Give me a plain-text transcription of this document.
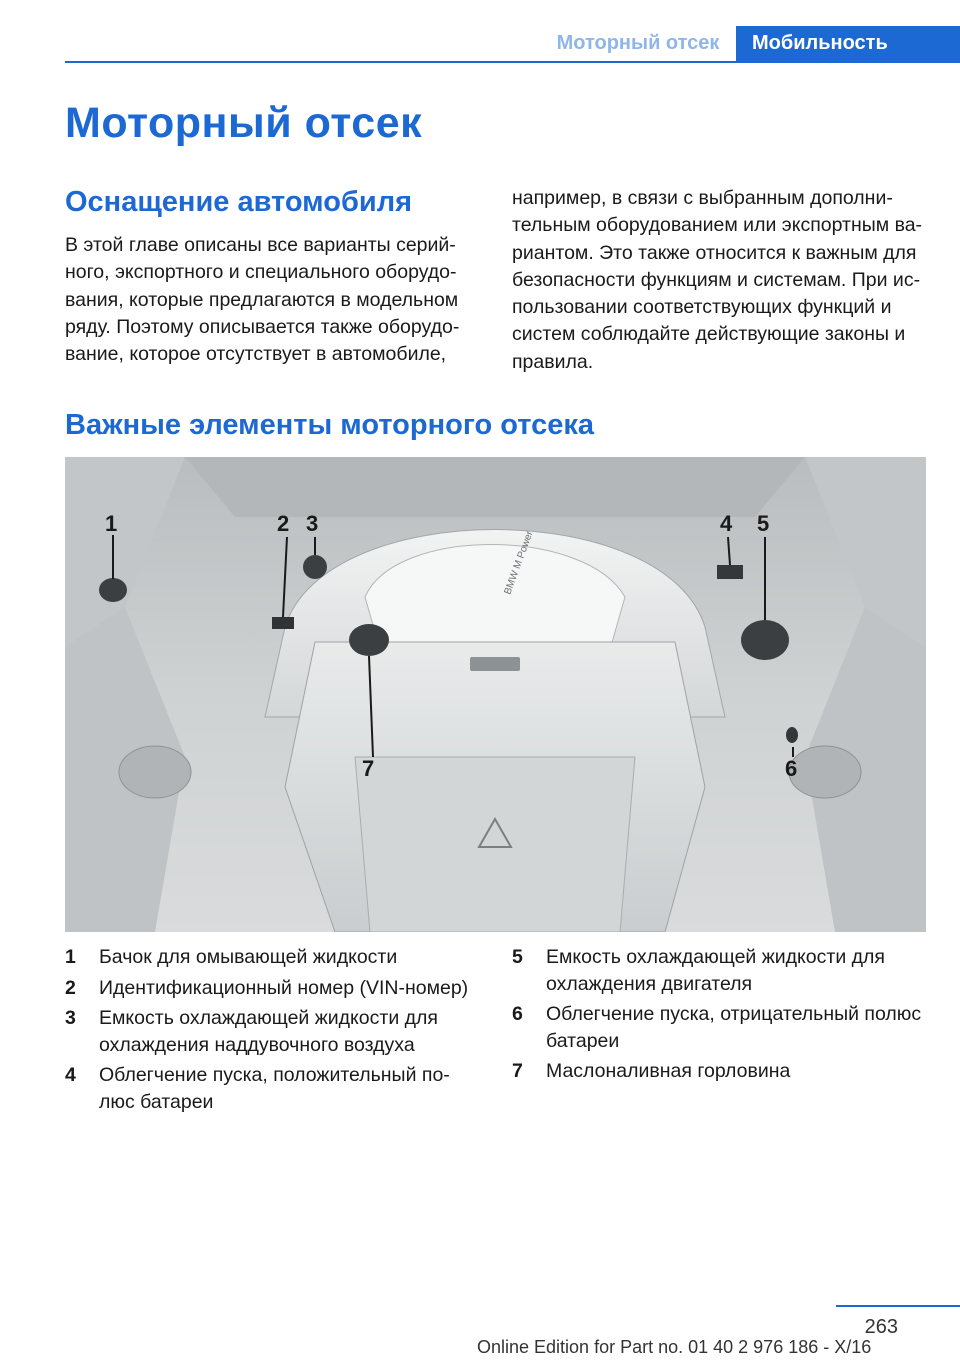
Моторный отсек	Мобильность
Моторный отсек
Оснащение автомобиля

В этой главе описаны все варианты серий-ного, экспортного и специального оборудо-вания, которые предлагаются в модельном ряду. Поэтому описывается также оборудо-вание, которое отсутствует в автомобиле,

например, в связи с выбранным дополни-тельным оборудованием или экспортным ва-риантом. Это также относится к важным для безопасности функциям и системам. При ис-пользовании соответствующих функций и систем соблюдайте действующие законы и правила.

Важные элементы моторного отсека
1	2 3	4 5
6
7
BMW M Power
1 Бачок для омывающей жидкости
2 Идентификационный номер (VIN-номер)
3 Емкость охлаждающей жидкости для охлаждения наддувочного воздуха
4 Облегчение пуска, положительный по-люс батареи
5 Емкость охлаждающей жидкости для охлаждения двигателя
6 Облегчение пуска, отрицательный полюс батареи
7 Маслоналивная горловина
263
Online Edition for Part no. 01 40 2 976 186 - X/16
